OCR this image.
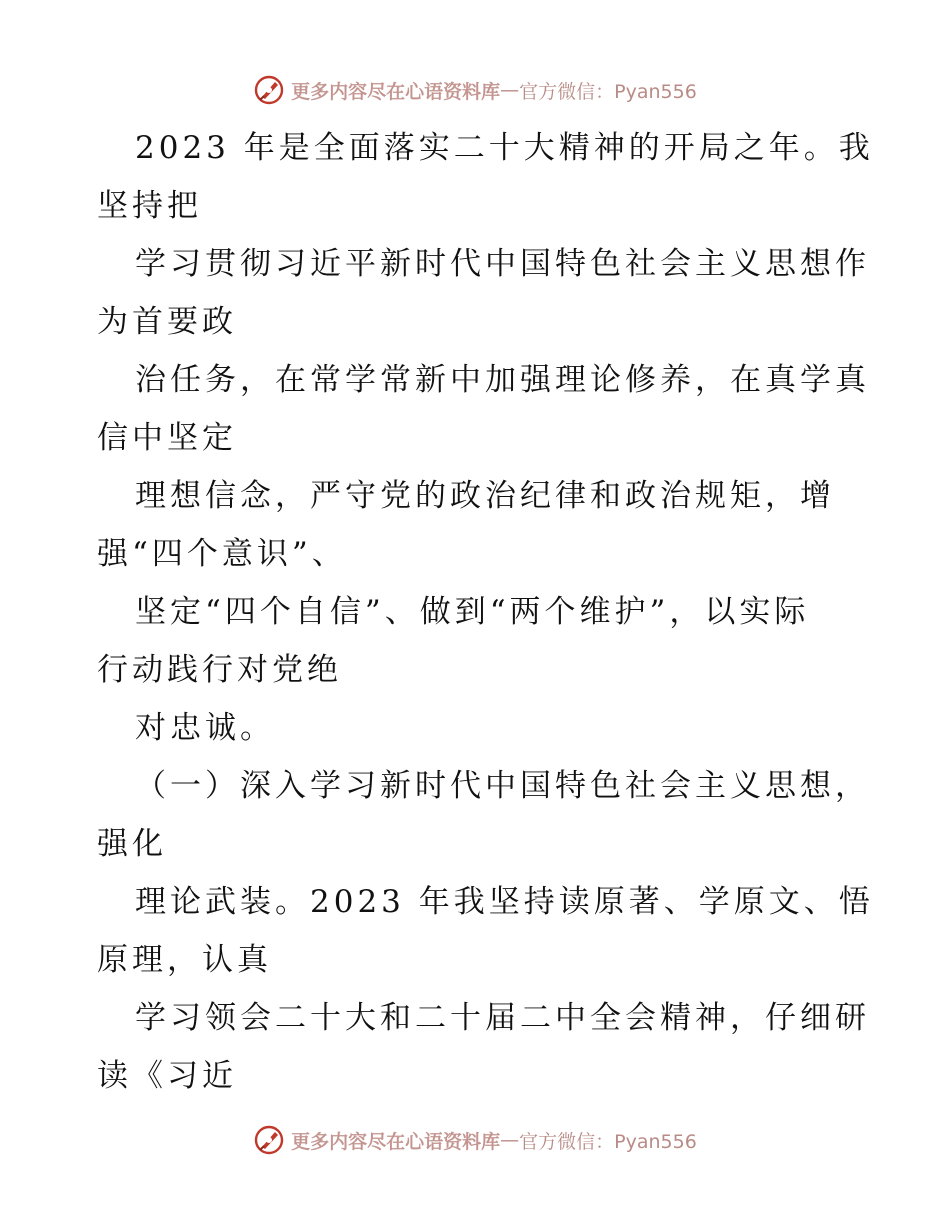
更多内容尽在心语资料库 — 官方微信：Pyan556
2023 年是全面落实二十大精神的开局之年。我
坚持把
学习贯彻习近平新时代中国特色社会主义思想作
为首要政
治任务，在常学常新中加强理论修养，在真学真
信中坚定
理想信念，严守党的政治纪律和政治规矩，增
强“四个意识”、
坚定“四个自信”、做到“两个维护”，以实际
行动践行对党绝
对忠诚。
（一）深入学习新时代中国特色社会主义思想，
强化
理论武装。2023 年我坚持读原著、学原文、悟
原理，认真
学习领会二十大和二十届二中全会精神，仔细研
读《习近
更多内容尽在心语资料库 — 官方微信：Pyan556
